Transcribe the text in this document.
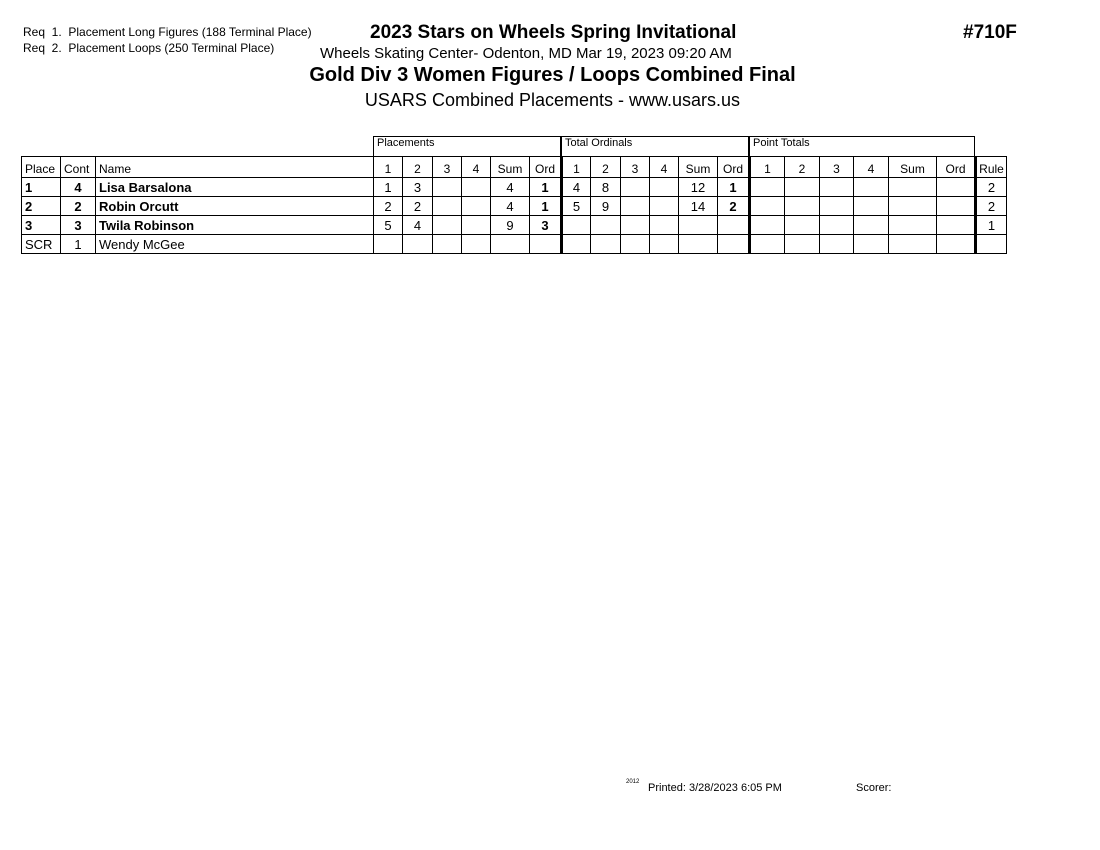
Req  1.  Placement Long Figures (188 Terminal Place)
Req  2.  Placement Loops (250 Terminal Place)
2023 Stars on Wheels Spring Invitational
Wheels Skating Center- Odenton, MD Mar 19, 2023 09:20 AM
#710F
Gold Div 3 Women Figures / Loops Combined Final
USARS Combined Placements - www.usars.us
Placements	Total Ordinals	Point Totals
Place	Cont	Name	1	2	3	4	Sum	Ord	1	2	3	4	Sum	Ord	1	2	3	4	Sum	Ord	Rule
1	4	Lisa Barsalona	1	3			4	1	4	8			12	1							2
2	2	Robin Orcutt	2	2			4	1	5	9			14	2							2
3	3	Twila Robinson	5	4			9	3													1
SCR	1	Wendy McGee																			
2012 Printed: 3/28/2023 6:05 PM	Scorer:
